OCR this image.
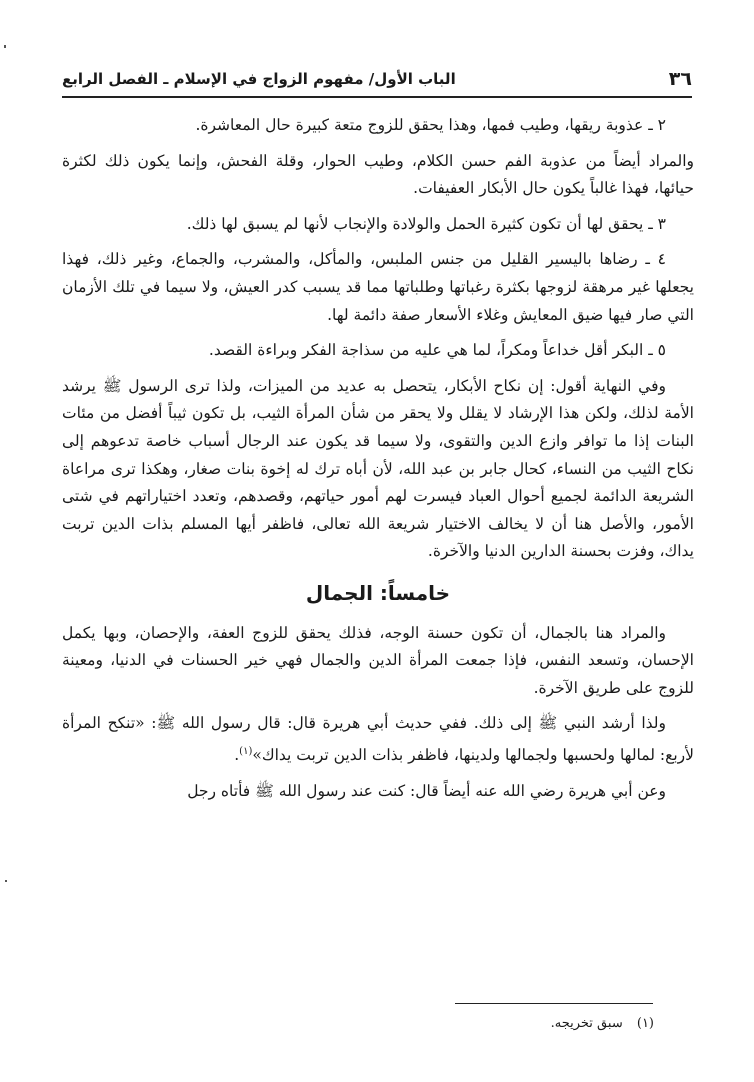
٣٦
الباب الأول/ مفهوم الزواج في الإسلام ـ الفصل الرابع

٢ ـ عذوبة ريقها، وطيب فمها، وهذا يحقق للزوج متعة كبيرة حال المعاشرة.

والمراد أيضاً من عذوبة الفم حسن الكلام، وطيب الحوار، وقلة الفحش، وإنما يكون ذلك لكثرة حيائها، فهذا غالباً يكون حال الأبكار العفيفات.

٣ ـ يحقق لها أن تكون كثيرة الحمل والولادة والإنجاب لأنها لم يسبق لها ذلك.

٤ ـ رضاها باليسير القليل من جنس الملبس، والمأكل، والمشرب، والجماع، وغير ذلك، فهذا يجعلها غير مرهقة لزوجها بكثرة رغباتها وطلباتها مما قد يسبب كدر العيش، ولا سيما في تلك الأزمان التي صار فيها ضيق المعايش وغلاء الأسعار صفة دائمة لها.

٥ ـ البكر أقل خداعاً ومكراً، لما هي عليه من سذاجة الفكر وبراءة القصد.

وفي النهاية أقول: إن نكاح الأبكار، يتحصل به عديد من الميزات، ولذا ترى الرسول ﷺ يرشد الأمة لذلك، ولكن هذا الإرشاد لا يقلل ولا يحقر من شأن المرأة الثيب، بل تكون ثيباً أفضل من مئات البنات إذا ما توافر وازع الدين والتقوى، ولا سيما قد يكون عند الرجال أسباب خاصة تدعوهم إلى نكاح الثيب من النساء، كحال جابر بن عبد الله، لأن أباه ترك له إخوة بنات صغار، وهكذا ترى مراعاة الشريعة الدائمة لجميع أحوال العباد فيسرت لهم أمور حياتهم، وقصدهم، وتعدد اختياراتهم في شتى الأمور، والأصل هنا أن لا يخالف الاختيار شريعة الله تعالى، فاظفر أيها المسلم بذات الدين تربت يداك، وفزت بحسنة الدارين الدنيا والآخرة.

خامساً: الجمال

والمراد هنا بالجمال، أن تكون حسنة الوجه، فذلك يحقق للزوج العفة، والإحصان، وبها يكمل الإحسان، وتسعد النفس، فإذا جمعت المرأة الدين والجمال فهي خير الحسنات في الدنيا، ومعينة للزوج على طريق الآخرة.

ولذا أرشد النبي ﷺ إلى ذلك. ففي حديث أبي هريرة قال: قال رسول الله ﷺ: «تنكح المرأة لأربع: لمالها ولحسبها ولجمالها ولدينها، فاظفر بذات الدين تربت يداك»$^{(١)}$.

وعن أبي هريرة رضي الله عنه أيضاً قال: كنت عند رسول الله ﷺ فأتاه رجل

(١) سبق تخريجه.
